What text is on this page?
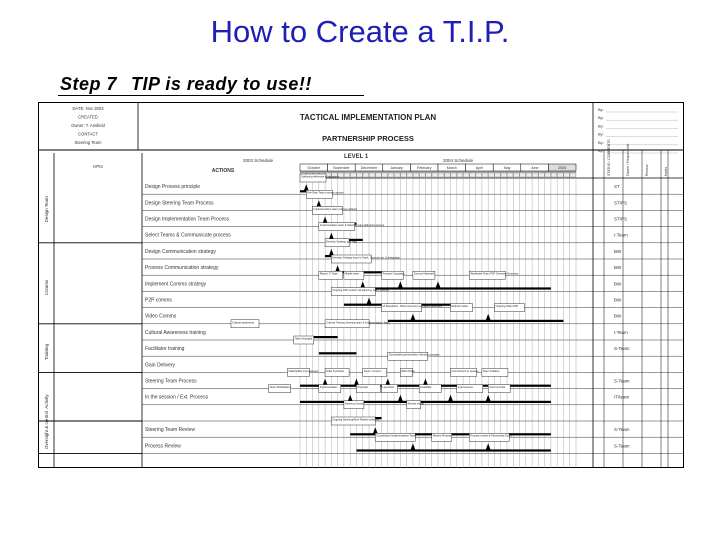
How to Create a T.I.P.
Step 7 TIP is ready to use!!
DATE: Nov 2003
CREATED
Owner: T. Ansfield
CONTACT
Steering Team
TACTICAL IMPLEMENTATION PLAN
PARTNERSHIP PROCESS
By:
By:
By:
By:
By:
By:
LEVEL 1
2003 Schedule	2004 Schedule
KPIs
ACTIONS	October	November	December	January	February	March	April	May	June	2005	STATUS / COMMENTS	Owner / Responsible	Review	Notes
Design Process principle	ST
Design Steering Team Process	ST/PS
Design Implementation Team Process	ST/PS
Select Teams & Communicate process	I-Team
Design Communication strategy	BW
Process Communication strategy	BW
Implement Comms strategy	BW
P2P comms	BW
Video Comms	BW
Cultural Awareness training	I-Team
Facilitator training	S-Team
Gain Delivery
Steering Team Process	S-Team
In the session / Ext. Process	IT/team
Steering Team Review	S-Team
Process Review	S-Team
Design Team
Comms
Training
Activity
Oversight & control
Gathering reference all decisions
Pre-Gate Team process actions
Implementation team process defined
Implementation team & Steering team defined & comms
Develop Strategy and Plan
Develop Strategy input in Gantt, Comms Imp. & Integration
Report: TI Start	Mobile team	Process Campaign	Comms Materials	Worldwide Team P2P Overview Overview
Ongoing P2P content via planning, team, comms
HI Resolution - Brief overview in all action directions	Refresh Video	Ongoing Video P2P
Cultural awareness	Cultural Training Steering team & Implementation Team
Tailor Arranged
Coordinating presentation Session concepts
Stakeholder input session	Initial Synthesis	Issue / concern	Effort Plans	Commitment to session Team Initiation
Team Mobilisation	Implementation	Proposal	Launched	Feasibility	Improvement	Communicate
Review status
Steering Control
Ongoing Steering/Work Review sessions
Coordinated Implementation Team	Review Process	Process review & Partnership ELDS
